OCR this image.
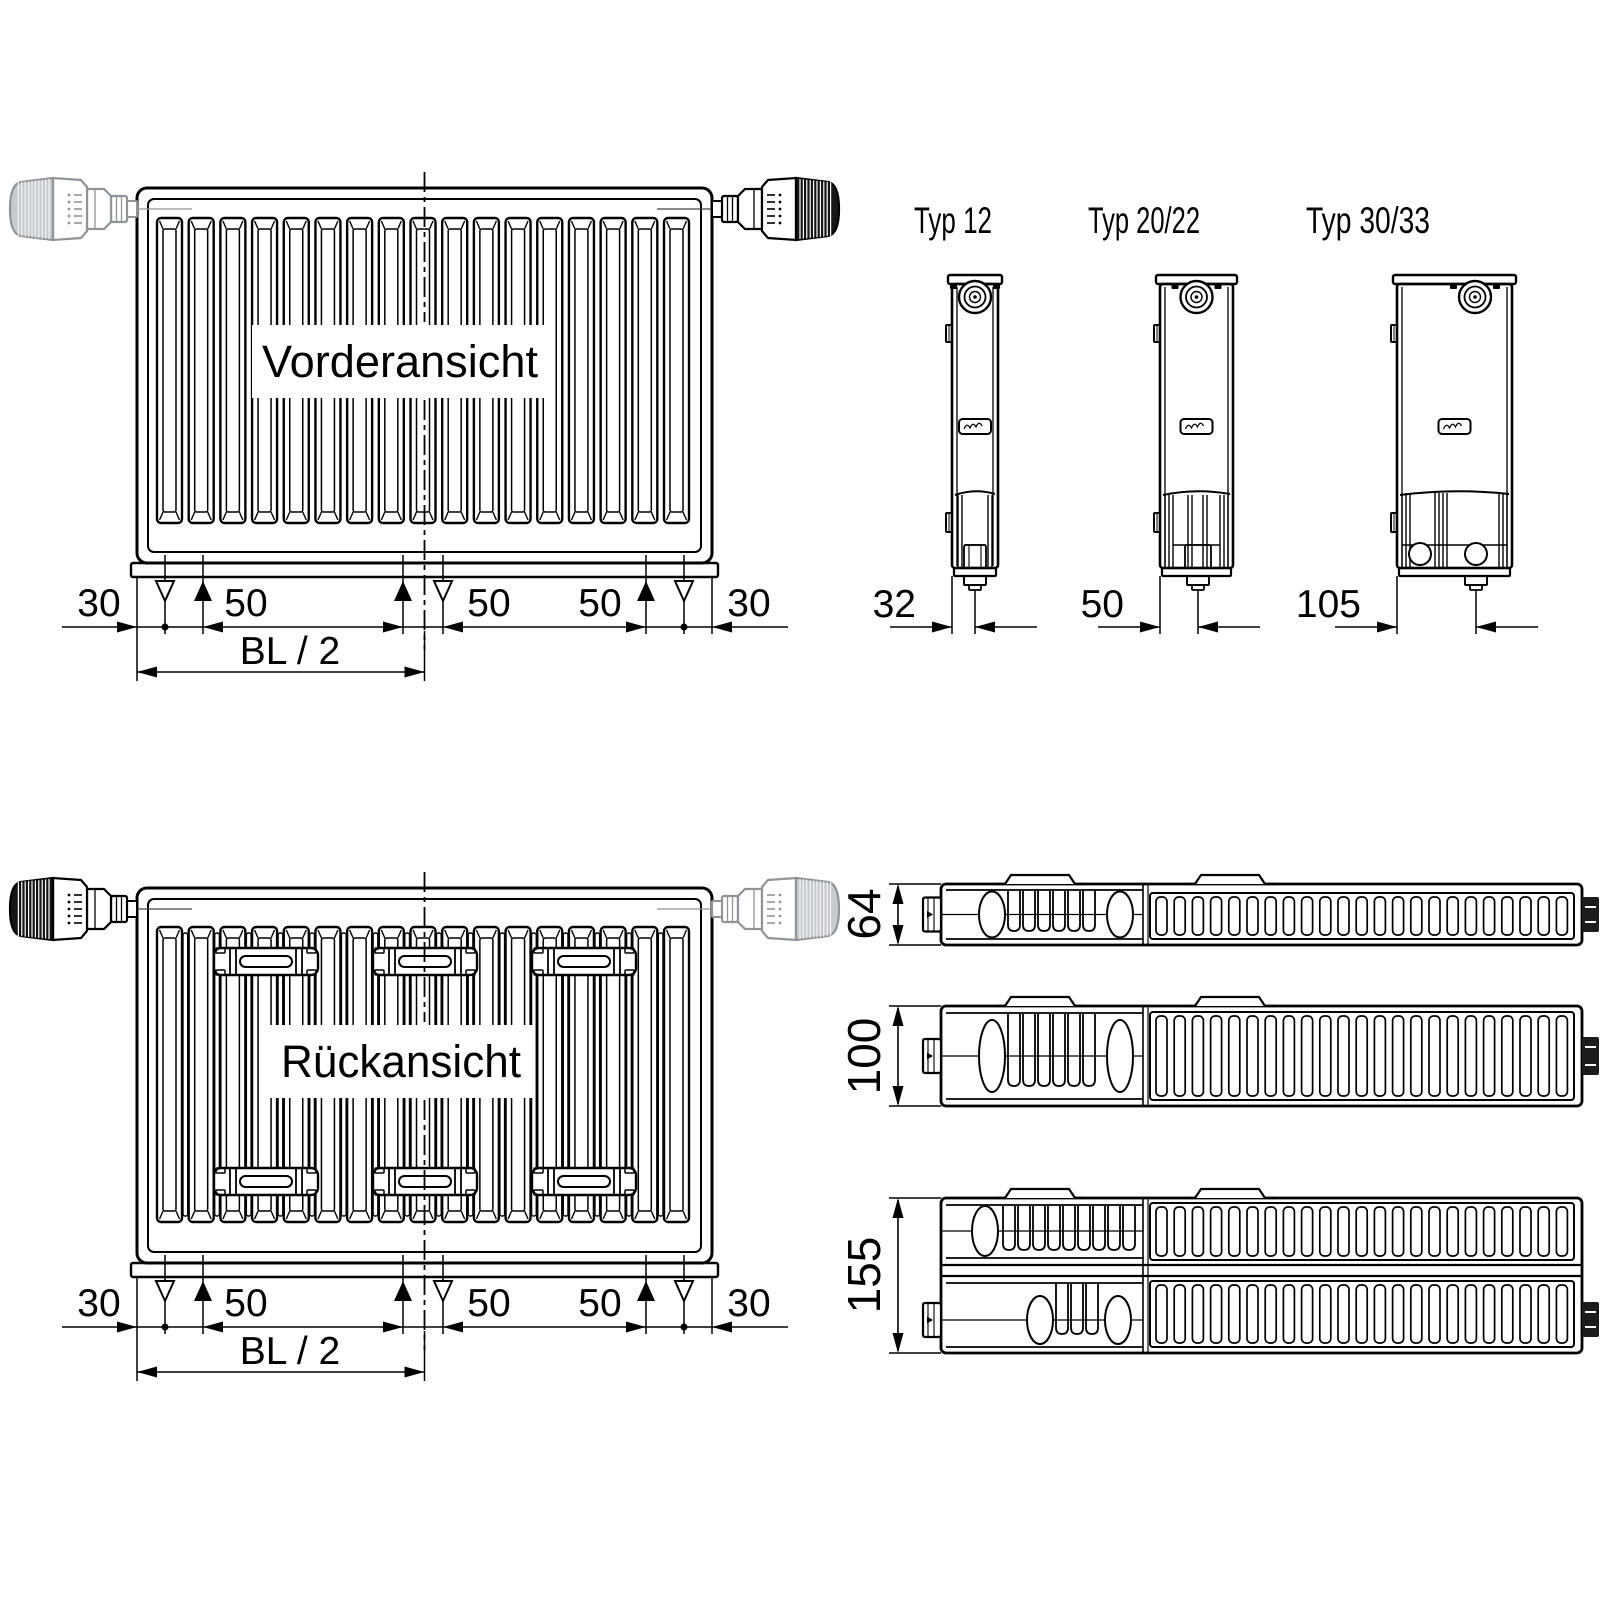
Vorderansicht
Rückansicht
30	50	50 50	30
BL / 2
30	50	50 50	30
BL / 2
Typ 12	Typ 20/22	Typ 30/33
32	50	105
64
100
155
